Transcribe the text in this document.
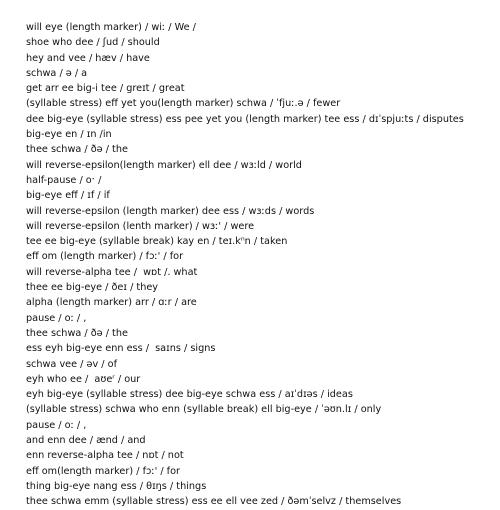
will eye (length marker) / wiː / We /
shoe who dee / ʃud / should
hey and vee / hæv / have
schwa / ə / a
get arr ee big-i tee / greɪt / great
(syllable stress) eff yet you(length marker) schwa / ˈfjuː.ə / fewer
dee big-eye (syllable stress) ess pee yet you (length marker) tee ess / dɪˈspjuːts / disputes
big-eye en / ɪn /in
thee schwa / ðə / the
will reverse-epsilon(length marker) ell dee / wɜːld / world
half-pause / oˑ /
big-eye eff / ɪf / if
will reverse-epsilon (length marker) dee ess / wɜːds / words
will reverse-epsilon (lenth marker) / wɜː' / were
tee ee big-eye (syllable break) kay en / teɪ.kⁿn / taken
eff om (length marker) / fɔː' / for
will reverse-alpha tee /  wɒt /. what
thee ee big-eye / ðeɪ / they
alpha (length marker) arr / ɑːr / are
pause / oː / ,
thee schwa / ðə / the
ess eyh big-eye enn ess /  saɪns / signs
schwa vee / əv / of
eyh who ee /  aʊeʳ / our
eyh big-eye (syllable stress) dee big-eye schwa ess / aɪˈdɪəs / ideas
(syllable stress) schwa who enn (syllable break) ell big-eye / ˈəʊn.lɪ / only
pause / oː / ,
and enn dee / ænd / and
enn reverse-alpha tee / nɒt / not
eff om(length marker) / fɔː' / for
thing big-eye nang ess / θɪŋs / things
thee schwa emm (syllable stress) ess ee ell vee zed / ðəmˈselvz / themselves
